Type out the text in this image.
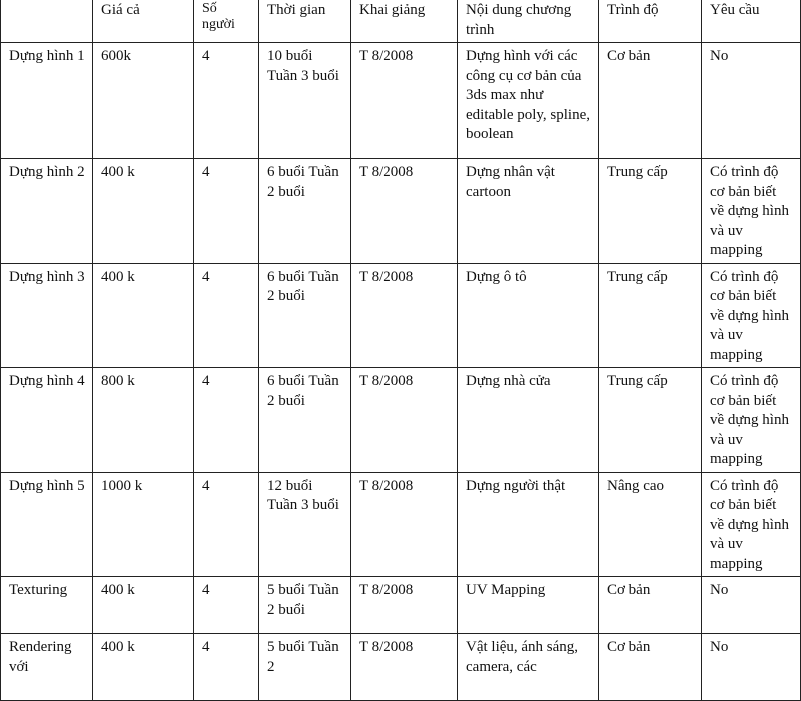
	Giá cả	Số người	Thời gian	Khai giảng	Nội dung chương trình	Trình độ	Yêu cầu
Dựng hình 1	600k	4	10 buổi Tuần 3 buổi	T 8/2008	Dựng hình với các công cụ cơ bản của 3ds max như editable poly, spline, boolean	Cơ bản	No
Dựng hình 2	400 k	4	6 buổi Tuần 2 buổi	T 8/2008	Dựng nhân vật cartoon	Trung cấp	Có trình độ cơ bản biết về dựng hình và uv mapping
Dựng hình 3	400 k	4	6 buổi Tuần 2 buổi	T 8/2008	Dựng ô tô	Trung cấp	Có trình độ cơ bản biết về dựng hình và uv mapping
Dựng hình 4	800 k	4	6 buổi Tuần 2 buổi	T 8/2008	Dựng nhà cửa	Trung cấp	Có trình độ cơ bản biết về dựng hình và uv mapping
Dựng hình 5	1000 k	4	12 buổi Tuần 3 buổi	T 8/2008	Dựng người thật	Nâng cao	Có trình độ cơ bản biết về dựng hình và uv mapping
Texturing	400 k	4	5 buổi Tuần 2 buổi	T 8/2008	UV Mapping	Cơ bản	No
Rendering với	400 k	4	5 buổi Tuần 2	T 8/2008	Vật liệu, ánh sáng, camera, các	Cơ bản	No
